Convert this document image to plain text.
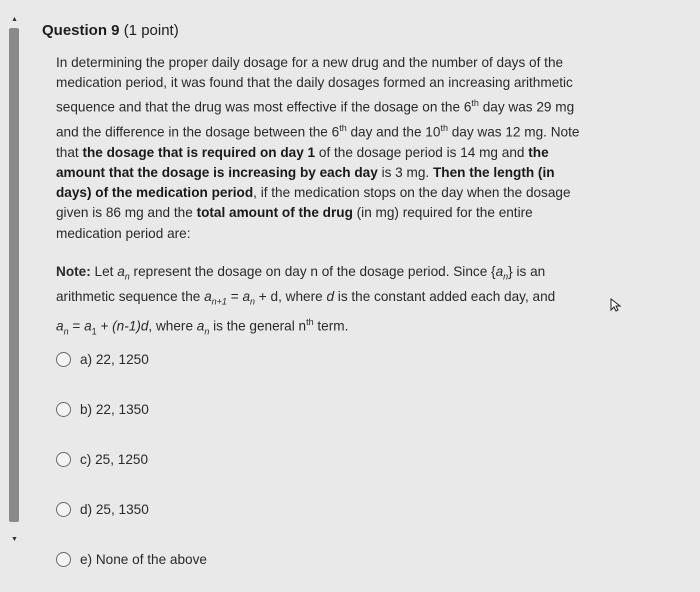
▲
▼

Question 9 (1 point)

In determining the proper daily dosage for a new drug and the number of days of the medication period, it was found that the daily dosages formed an increasing arithmetic sequence and that the drug was most effective if the dosage on the 6th day was 29 mg and the difference in the dosage between the 6th day and the 10th day was 12 mg. Note that the dosage that is required on day 1 of the dosage period is 14 mg and the amount that the dosage is increasing by each day is 3 mg. Then the length (in days) of the medication period, if the medication stops on the day when the dosage given is 86 mg and the total amount of the drug (in mg) required for the entire medication period are:
Note: Let $a_n$ represent the dosage on day n of the dosage period. Since $\{a_n\}$ is an arithmetic sequence the $a_{n+1} = a_n + d$, where d is the constant added each day, and
$a_n = a_1 + (n-1)d$, where $a_n$ is the general $n^{th}$ term.
a) 22, 1250
b) 22, 1350
c) 25, 1250
d) 25, 1350
e) None of the above
